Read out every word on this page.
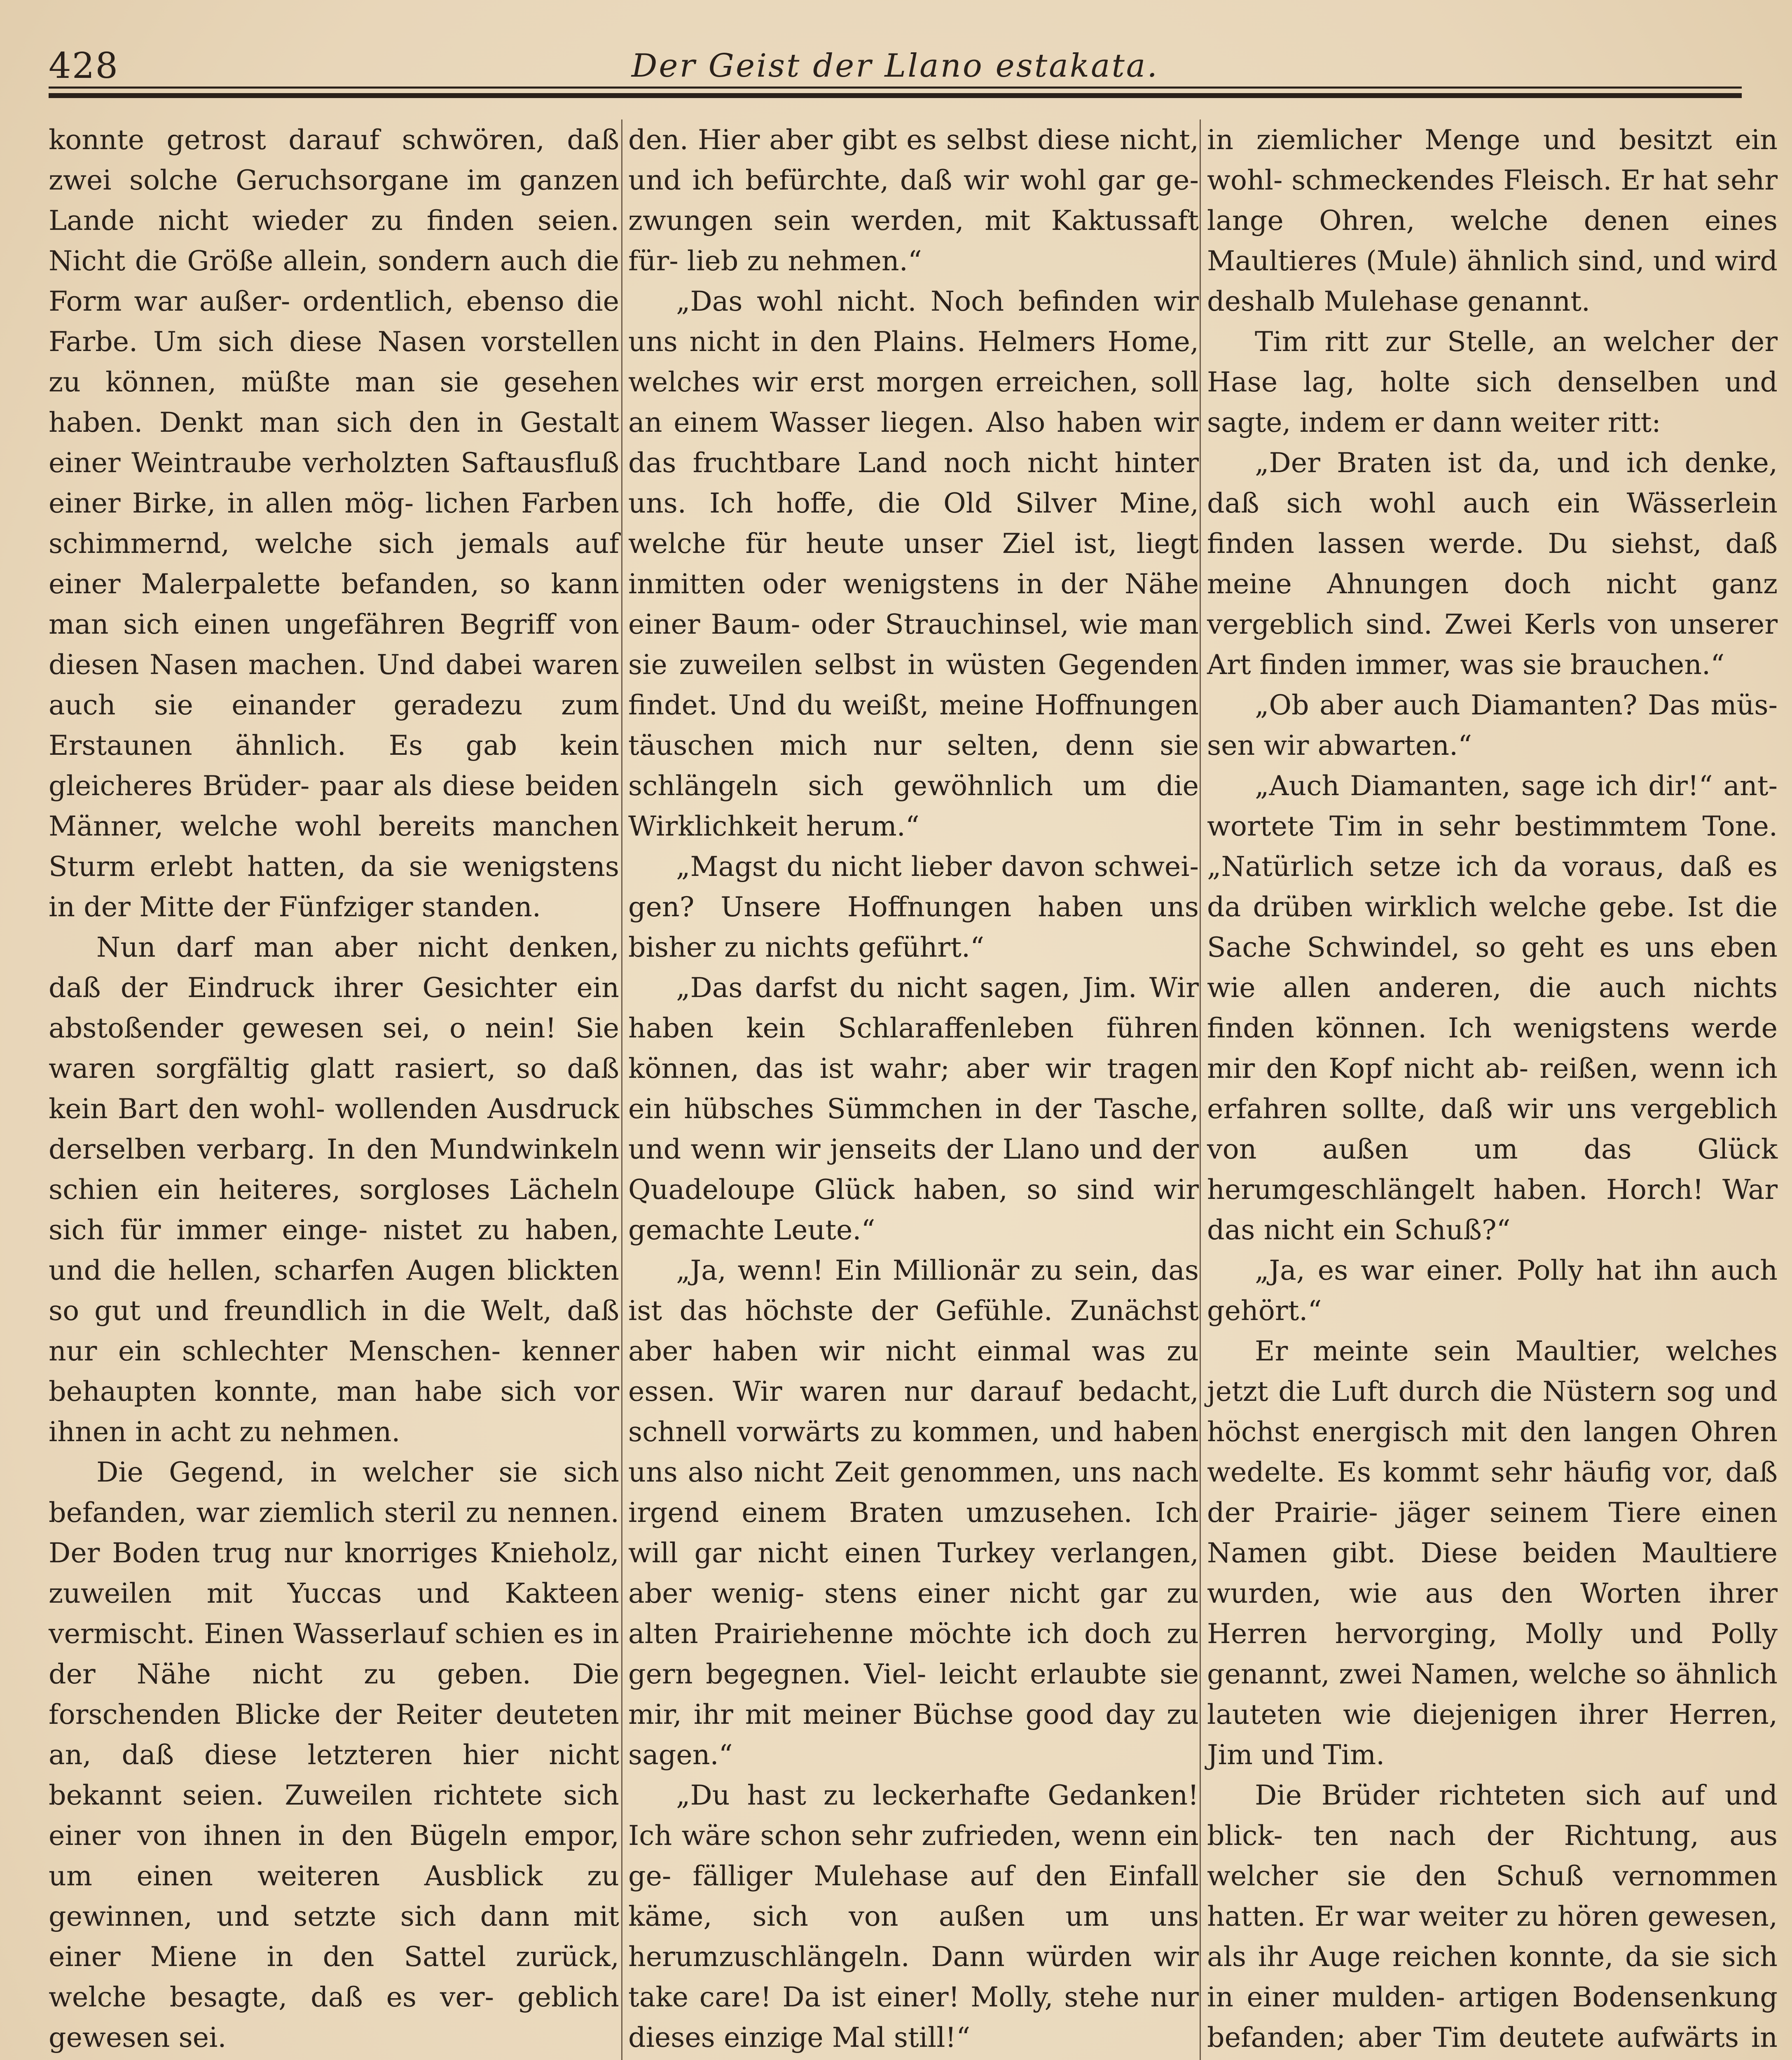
428	Der Geist der Llano estakata.

konnte getrost darauf schwören, daß zwei solche Geruchsorgane im ganzen Lande nicht wieder zu finden seien. Nicht die Größe allein, sondern auch die Form war außer- ordentlich, ebenso die Farbe. Um sich diese Nasen vorstellen zu können, müßte man sie gesehen haben. Denkt man sich den in Gestalt einer Weintraube verholzten Saftausfluß einer Birke, in allen mög- lichen Farben schimmernd, welche sich jemals auf einer Malerpalette befanden, so kann man sich einen ungefähren Begriff von diesen Nasen machen. Und dabei waren auch sie einander geradezu zum Erstaunen ähnlich. Es gab kein gleicheres Brüder- paar als diese beiden Männer, welche wohl bereits manchen Sturm erlebt hatten, da sie wenigstens in der Mitte der Fünfziger standen.

Nun darf man aber nicht denken, daß der Eindruck ihrer Gesichter ein abstoßender gewesen sei, o nein! Sie waren sorgfältig glatt rasiert, so daß kein Bart den wohl- wollenden Ausdruck derselben verbarg. In den Mundwinkeln schien ein heiteres, sorgloses Lächeln sich für immer einge- nistet zu haben, und die hellen, scharfen Augen blickten so gut und freundlich in die Welt, daß nur ein schlechter Menschen- kenner behaupten konnte, man habe sich vor ihnen in acht zu nehmen.

Die Gegend, in welcher sie sich befanden, war ziemlich steril zu nennen. Der Boden trug nur knorriges Knieholz, zuweilen mit Yuccas und Kakteen vermischt. Einen Wasserlauf schien es in der Nähe nicht zu geben. Die forschenden Blicke der Reiter deuteten an, daß diese letzteren hier nicht bekannt seien. Zuweilen richtete sich einer von ihnen in den Bügeln empor, um einen weiteren Ausblick zu gewinnen, und setzte sich dann mit einer Miene in den Sattel zurück, welche besagte, daß es ver- geblich gewesen sei.

den. Hier aber gibt es selbst diese nicht, und ich befürchte, daß wir wohl gar ge- zwungen sein werden, mit Kaktussaft für- lieb zu nehmen.“

„Das wohl nicht. Noch befinden wir uns nicht in den Plains. Helmers Home, welches wir erst morgen erreichen, soll an einem Wasser liegen. Also haben wir das fruchtbare Land noch nicht hinter uns. Ich hoffe, die Old Silver Mine, welche für heute unser Ziel ist, liegt inmitten oder wenigstens in der Nähe einer Baum- oder Strauchinsel, wie man sie zuweilen selbst in wüsten Gegenden findet. Und du weißt, meine Hoffnungen täuschen mich nur selten, denn sie schlängeln sich gewöhnlich um die Wirklichkeit herum.“

„Magst du nicht lieber davon schwei- gen? Unsere Hoffnungen haben uns bisher zu nichts geführt.“

„Das darfst du nicht sagen, Jim. Wir haben kein Schlaraffenleben führen können, das ist wahr; aber wir tragen ein hübsches Sümmchen in der Tasche, und wenn wir jenseits der Llano und der Quadeloupe Glück haben, so sind wir gemachte Leute.“

„Ja, wenn! Ein Millionär zu sein, das ist das höchste der Gefühle. Zunächst aber haben wir nicht einmal was zu essen. Wir waren nur darauf bedacht, schnell vorwärts zu kommen, und haben uns also nicht Zeit genommen, uns nach irgend einem Braten umzusehen. Ich will gar nicht einen Turkey verlangen, aber wenig- stens einer nicht gar zu alten Prairiehenne möchte ich doch zu gern begegnen. Viel- leicht erlaubte sie mir, ihr mit meiner Büchse good day zu sagen.“

„Du hast zu leckerhafte Gedanken! Ich wäre schon sehr zufrieden, wenn ein ge- fälliger Mulehase auf den Einfall käme, sich von außen um uns herumzuschlängeln. Dann würden wir take care! Da ist einer! Molly, stehe nur dieses einzige Mal still!“

in ziemlicher Menge und besitzt ein wohl- schmeckendes Fleisch. Er hat sehr lange Ohren, welche denen eines Maultieres (Mule) ähnlich sind, und wird deshalb Mulehase genannt.

Tim ritt zur Stelle, an welcher der Hase lag, holte sich denselben und sagte, indem er dann weiter ritt:

„Der Braten ist da, und ich denke, daß sich wohl auch ein Wässerlein finden lassen werde. Du siehst, daß meine Ahnungen doch nicht ganz vergeblich sind. Zwei Kerls von unserer Art finden immer, was sie brauchen.“

„Ob aber auch Diamanten? Das müs- sen wir abwarten.“

„Auch Diamanten, sage ich dir!“ ant- wortete Tim in sehr bestimmtem Tone. „Natürlich setze ich da voraus, daß es da drüben wirklich welche gebe. Ist die Sache Schwindel, so geht es uns eben wie allen anderen, die auch nichts finden können. Ich wenigstens werde mir den Kopf nicht ab- reißen, wenn ich erfahren sollte, daß wir uns vergeblich von außen um das Glück herumgeschlängelt haben. Horch! War das nicht ein Schuß?“

„Ja, es war einer. Polly hat ihn auch gehört.“

Er meinte sein Maultier, welches jetzt die Luft durch die Nüstern sog und höchst energisch mit den langen Ohren wedelte. Es kommt sehr häufig vor, daß der Prairie- jäger seinem Tiere einen Namen gibt. Diese beiden Maultiere wurden, wie aus den Worten ihrer Herren hervorging, Molly und Polly genannt, zwei Namen, welche so ähnlich lauteten wie diejenigen ihrer Herren, Jim und Tim.

Die Brüder richteten sich auf und blick- ten nach der Richtung, aus welcher sie den Schuß vernommen hatten. Er war weiter zu hören gewesen, als ihr Auge reichen konnte, da sie sich in einer mulden- artigen Bodensenkung befanden; aber Tim deutete aufwärts in
